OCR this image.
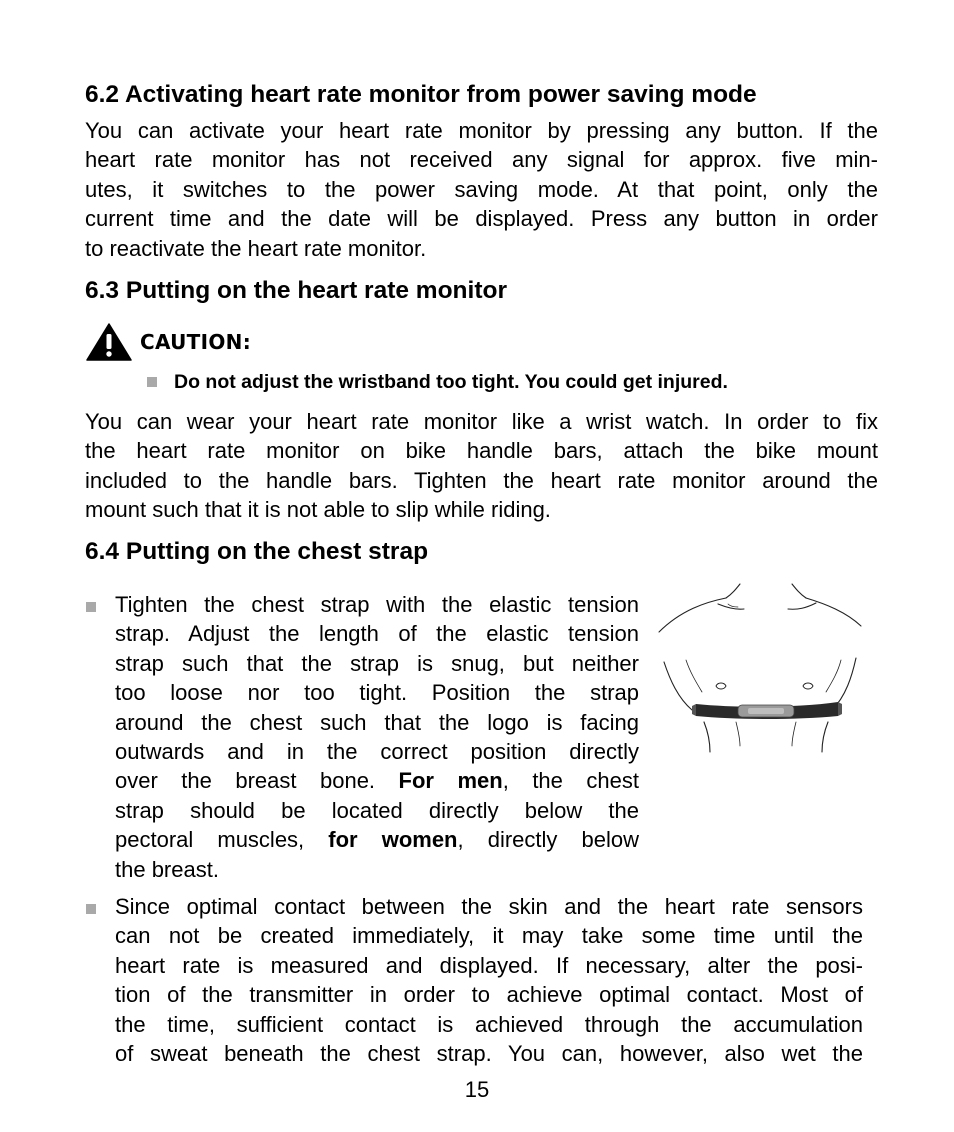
6.2 Activating heart rate monitor from power saving mode
You can activate your heart rate monitor by pressing any button. If the
heart rate monitor has not received any signal for approx. five min-
utes, it switches to the power saving mode. At that point, only the
current time and the date will be displayed. Press any button in order
to reactivate the heart rate monitor.
6.3 Putting on the heart rate monitor
CAUTION:
Do not adjust the wristband too tight. You could get injured.
You can wear your heart rate monitor like a wrist watch. In order to fix
the heart rate monitor on bike handle bars, attach the bike mount
included to the handle bars. Tighten the heart rate monitor around the
mount such that it is not able to slip while riding.
6.4 Putting on the chest strap
Tighten the chest strap with the elastic tension
strap. Adjust the length of the elastic tension
strap such that the strap is snug, but neither
too loose nor too tight. Position the strap
around the chest such that the logo is facing
outwards and in the correct position directly
over the breast bone. For men, the chest
strap should be located directly below the
pectoral muscles, for women, directly below
the breast.
Since optimal contact between the skin and the heart rate sensors
can not be created immediately, it may take some time until the
heart rate is measured and displayed. If necessary, alter the posi-
tion of the transmitter in order to achieve optimal contact. Most of
the time, sufficient contact is achieved through the accumulation
of sweat beneath the chest strap. You can, however, also wet the
15
